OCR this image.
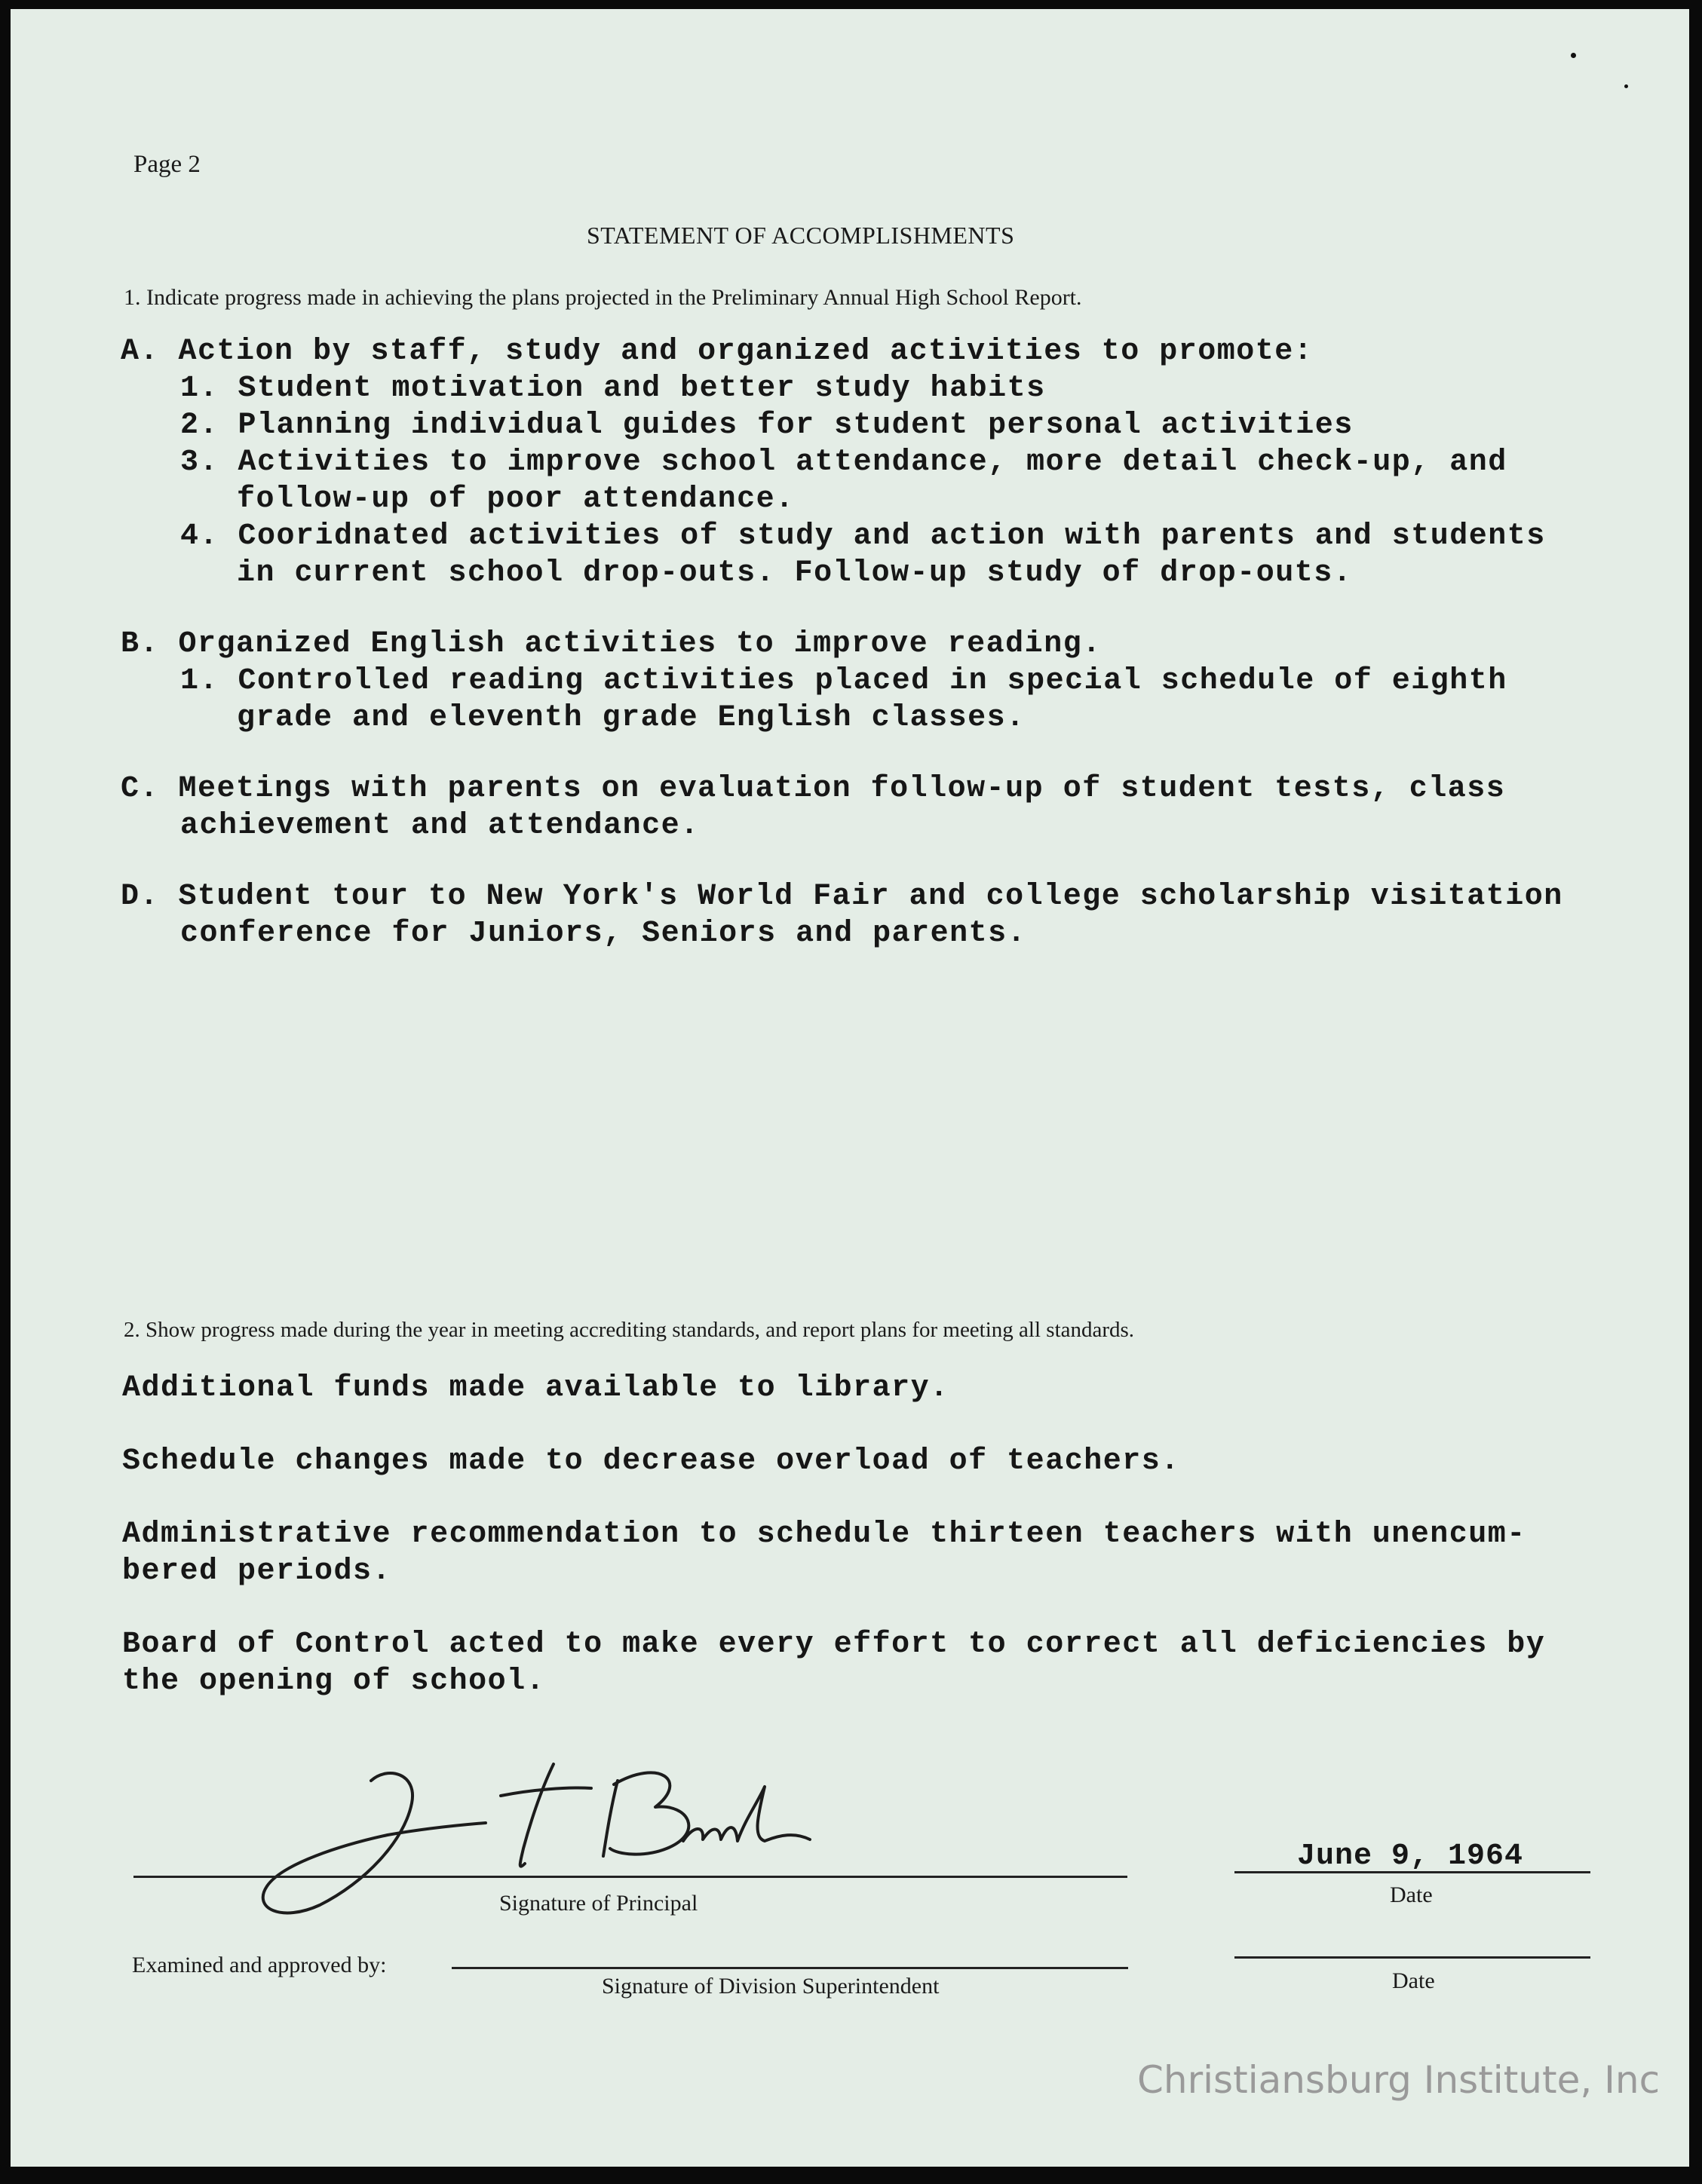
Page 2
STATEMENT OF ACCOMPLISHMENTS
1. Indicate progress made in achieving the plans projected in the Preliminary Annual High School Report.
A. Action by staff, study and organized activities to promote:
1. Student motivation and better study habits
2. Planning individual guides for student personal activities
3. Activities to improve school attendance, more detail check-up, and
follow-up of poor attendance.
4. Cooridnated activities of study and action with parents and students
in current school drop-outs. Follow-up study of drop-outs.
B. Organized English activities to improve reading.
1. Controlled reading activities placed in special schedule of eighth
grade and eleventh grade English classes.
C. Meetings with parents on evaluation follow-up of student tests, class
achievement and attendance.
D. Student tour to New York's World Fair and college scholarship visitation
conference for Juniors, Seniors and parents.
2. Show progress made during the year in meeting accrediting standards, and report plans for meeting all standards.
Additional funds made available to library.
Schedule changes made to decrease overload of teachers.
Administrative recommendation to schedule thirteen teachers with unencum-
bered periods.
Board of Control acted to make every effort to correct all deficiencies by
the opening of school.
Signature of Principal
June 9, 1964
Date
Examined and approved by:
Signature of Division Superintendent	Date
Christiansburg Institute, Inc
